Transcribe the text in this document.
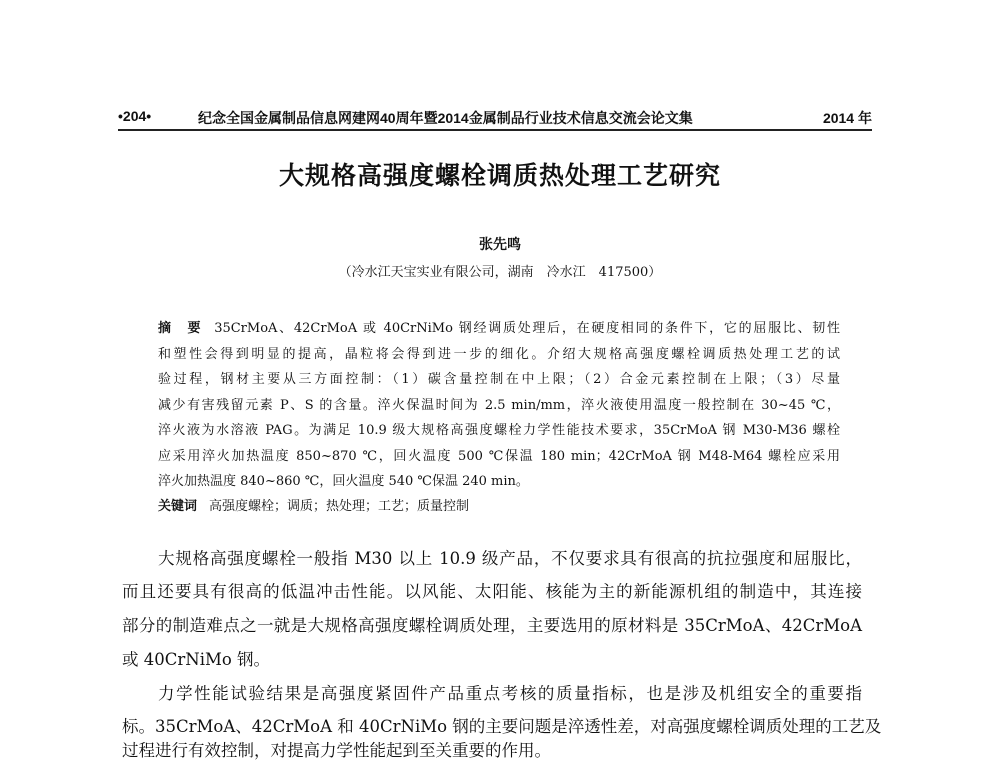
•204•	纪念全国金属制品信息网建网40周年暨2014金属制品行业技术信息交流会论文集	2014 年
大规格高强度螺栓调质热处理工艺研究
张先鸣
（冷水江天宝实业有限公司，湖南　冷水江　417500）
摘　要 35CrMoA、42CrMoA 或 40CrNiMo 钢经调质处理后，在硬度相同的条件下，它的屈服比、韧性
和塑性会得到明显的提高，晶粒将会得到进一步的细化。介绍大规格高强度螺栓调质热处理工艺的试
验过程，钢材主要从三方面控制：（1）碳含量控制在中上限；（2）合金元素控制在上限；（3）尽量
减少有害残留元素 P、S 的含量。淬火保温时间为 2.5 min/mm，淬火液使用温度一般控制在 30~45 ℃，
淬火液为水溶液 PAG。为满足 10.9 级大规格高强度螺栓力学性能技术要求，35CrMoA 钢 M30-M36 螺栓
应采用淬火加热温度 850~870 ℃，回火温度 500 ℃保温 180 min；42CrMoA 钢 M48-M64 螺栓应采用
淬火加热温度 840~860 ℃，回火温度 540 ℃保温 240 min。
关键词 高强度螺栓；调质；热处理；工艺；质量控制
大规格高强度螺栓一般指 M30 以上 10.9 级产品，不仅要求具有很高的抗拉强度和屈服比，
而且还要具有很高的低温冲击性能。以风能、太阳能、核能为主的新能源机组的制造中，其连接
部分的制造难点之一就是大规格高强度螺栓调质处理，主要选用的原材料是 35CrMoA、42CrMoA
或 40CrNiMo 钢。
力学性能试验结果是高强度紧固件产品重点考核的质量指标，也是涉及机组安全的重要指
标。35CrMoA、42CrMoA 和 40CrNiMo 钢的主要问题是淬透性差，对高强度螺栓调质处理的工艺及
过程进行有效控制，对提高力学性能起到至关重要的作用。
